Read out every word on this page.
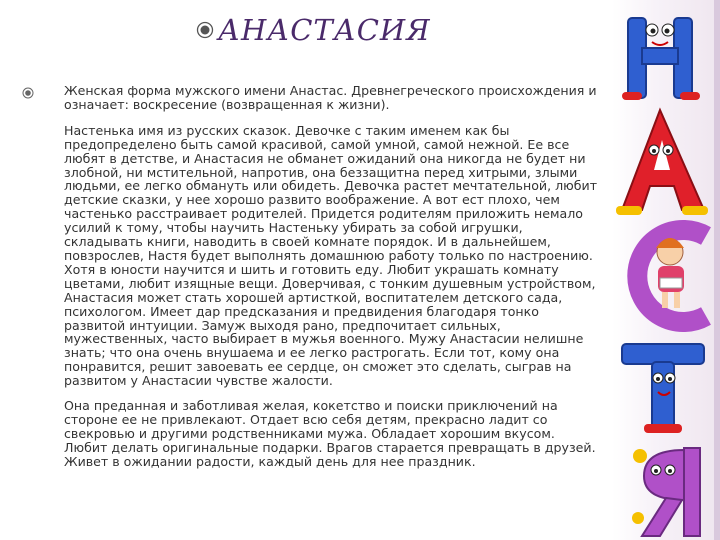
АНАСТАСИЯ

Женская форма мужского имени Анастас. Древнегреческого происхождения и означает: воскресение (возвращенная к жизни).

Настенька имя из русских сказок. Девочке с таким именем как бы предопределено быть самой красивой, самой умной, самой нежной. Ее все любят в детстве, и Анастасия не обманет ожиданий она никогда не будет ни злобной, ни мстительной, напротив, она беззащитна перед хитрыми, злыми людьми, ее легко обмануть или обидеть. Девочка растет мечтательной, любит детские сказки, у нее хорошо развито воображение. А вот ест плохо, чем частенько расстраивает родителей. Придется родителям приложить немало усилий к тому, чтобы научить Настеньку убирать за собой игрушки, складывать книги, наводить в своей комнате порядок. И в дальнейшем, повзрослев, Настя будет выполнять домашнюю работу только по настроению. Хотя в юности научится и шить и готовить еду. Любит украшать комнату цветами, любит изящные вещи. Доверчивая, с тонким душевным устройством, Анастасия может стать хорошей артисткой, воспитателем детского сада, психологом. Имеет дар предсказания и предвидения благодаря тонко развитой интуиции. Замуж выходя рано, предпочитает сильных, мужественных, часто выбирает в мужья военного. Мужу Анастасии нелишне знать; что она очень внушаема и ее легко растрогать. Если тот, кому она понравится, решит завоевать ее сердце, он сможет это сделать, сыграв на развитом у Анастасии чувстве жалости.

Она преданная и заботливая желая, кокетство и поиски приключений на стороне ее не привлекают. Отдает всю себя детям, прекрасно ладит со свекровью и другими родственниками мужа. Обладает хорошим вкусом. Любит делать оригинальные подарки. Врагов старается превращать в друзей. Живет в ожидании радости, каждый день для нее праздник.
